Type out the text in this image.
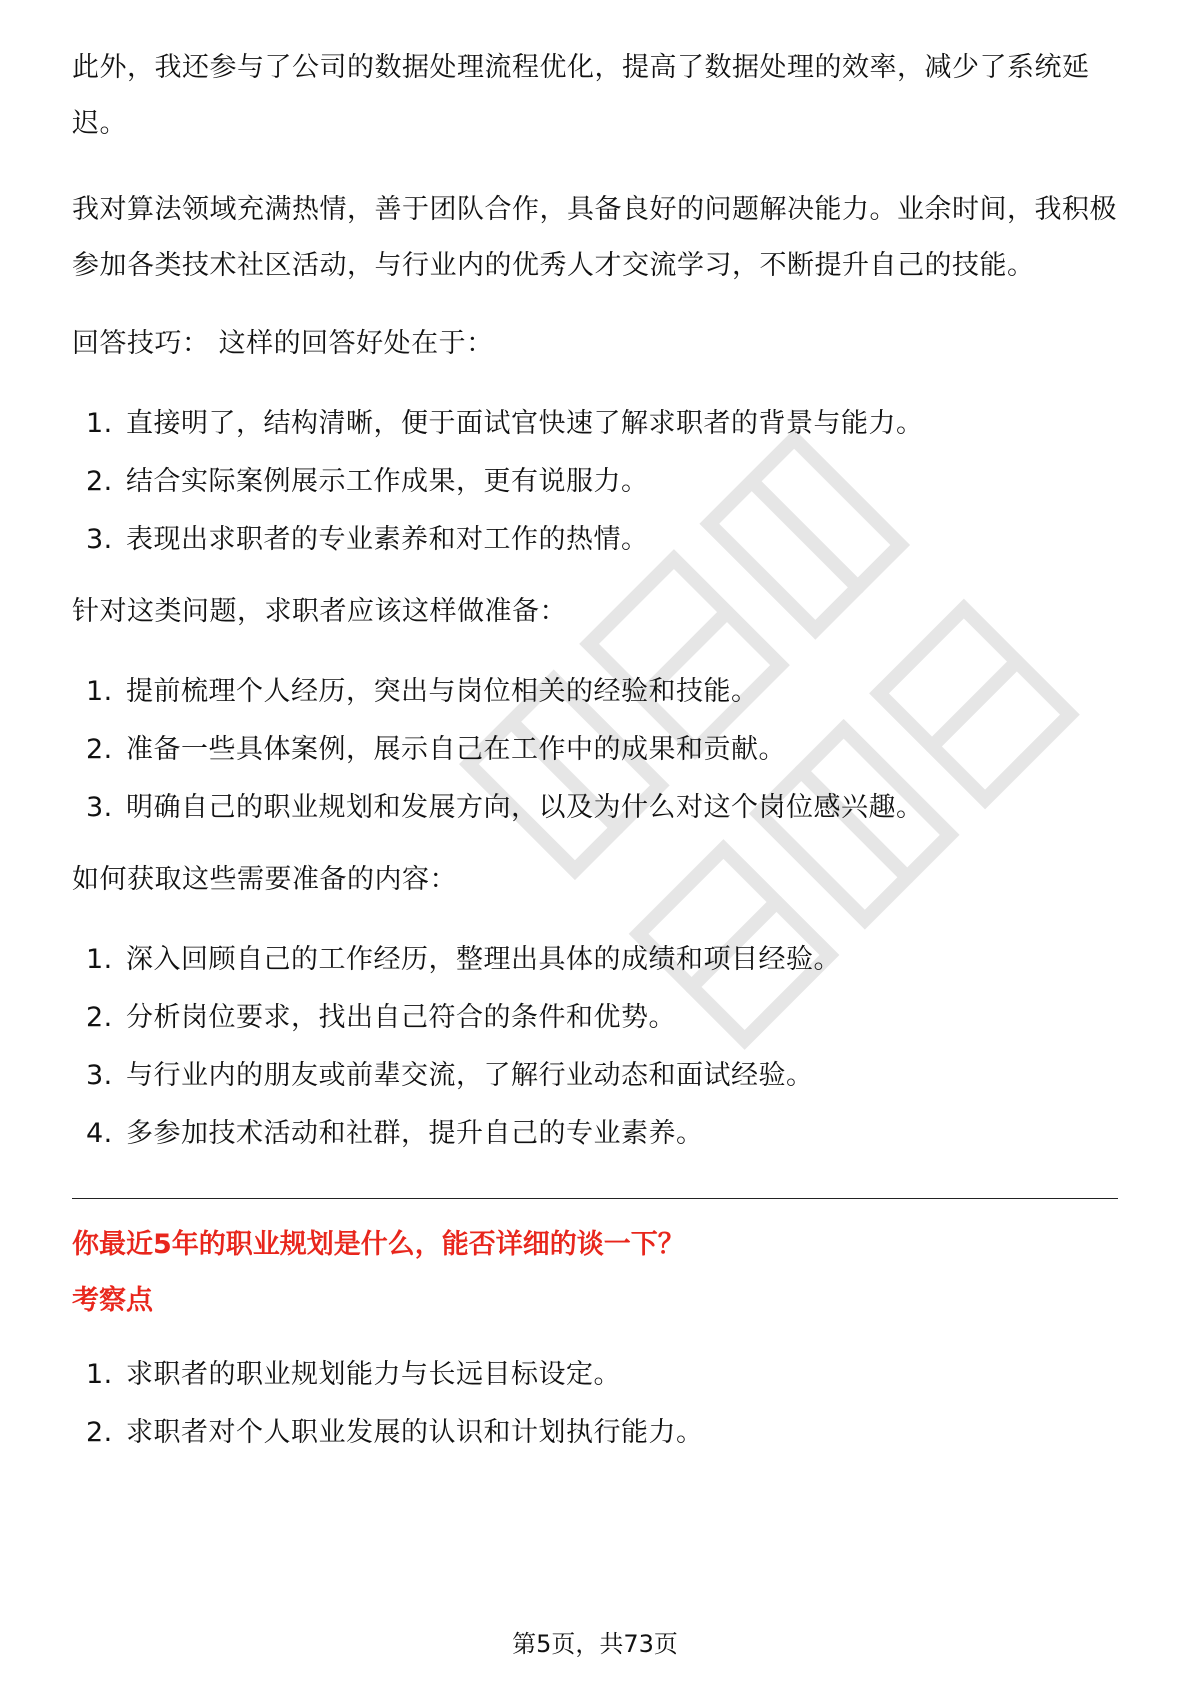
此外，我还参与了公司的数据处理流程优化，提高了数据处理的效率，减少了系统延迟。

我对算法领域充满热情，善于团队合作，具备良好的问题解决能力。业余时间，我积极参加各类技术社区活动，与行业内的优秀人才交流学习，不断提升自己的技能。

回答技巧： 这样的回答好处在于：

1. 直接明了，结构清晰，便于面试官快速了解求职者的背景与能力。
2. 结合实际案例展示工作成果，更有说服力。
3. 表现出求职者的专业素养和对工作的热情。

针对这类问题，求职者应该这样做准备：

1. 提前梳理个人经历，突出与岗位相关的经验和技能。
2. 准备一些具体案例，展示自己在工作中的成果和贡献。
3. 明确自己的职业规划和发展方向，以及为什么对这个岗位感兴趣。

如何获取这些需要准备的内容：

1. 深入回顾自己的工作经历，整理出具体的成绩和项目经验。
2. 分析岗位要求，找出自己符合的条件和优势。
3. 与行业内的朋友或前辈交流，了解行业动态和面试经验。
4. 多参加技术活动和社群，提升自己的专业素养。

你最近5年的职业规划是什么，能否详细的谈一下？

考察点

1. 求职者的职业规划能力与长远目标设定。
2. 求职者对个人职业发展的认识和计划执行能力。
第5页，共73页
